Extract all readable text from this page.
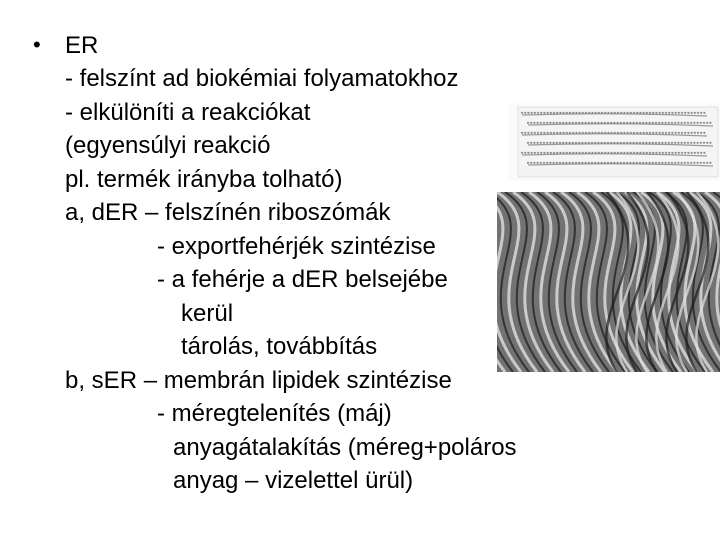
• ER
- felszínt ad biokémiai folyamatokhoz
- elkülöníti a reakciókat
(egyensúlyi reakció
pl. termék irányba tolható)
a, dER – felszínén riboszómák
- exportfehérjék szintézise
- a fehérje a dER belsejébe
kerül
tárolás, továbbítás
b, sER – membrán lipidek szintézise
- méregtelenítés (máj)
anyagátalakítás (méreg+poláros
anyag – vizelettel ürül)
